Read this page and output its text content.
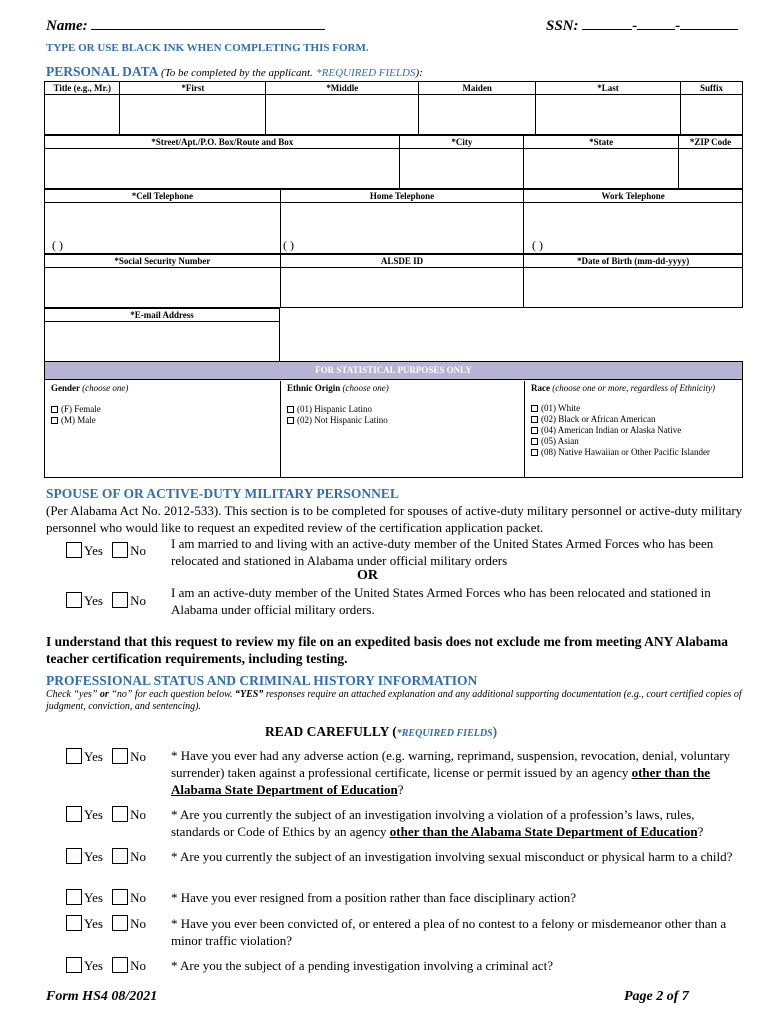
Name:	SSN:	-	-
TYPE OR USE BLACK INK WHEN COMPLETING THIS FORM.
PERSONAL DATA (To be completed by the applicant. *REQUIRED FIELDS):
Title (e.g., Mr.)	*First	*Middle	Maiden	*Last	Suffix

*Street/Apt./P.O. Box/Route and Box	*City	*State	*ZIP Code

*Cell Telephone	Home Telephone	Work Telephone

( )	( )	( )
*Social Security Number	ALSDE ID	*Date of Birth (mm-dd-yyyy)

*E-mail Address

FOR STATISTICAL PURPOSES ONLY
Gender (choose one)
(F) Female
(M) Male
Ethnic Origin (choose one)
(01) Hispanic Latino
(02) Not Hispanic Latino
Race (choose one or more, regardless of Ethnicity)
(01) White
(02) Black or African American
(04) American Indian or Alaska Native
(05) Asian
(08) Native Hawaiian or Other Pacific Islander
SPOUSE OF OR ACTIVE-DUTY MILITARY PERSONNEL
(Per Alabama Act No. 2012-533). This section is to be completed for spouses of active-duty military personnel or active-duty military personnel who would like to request an expedited review of the certification application packet.
Yes No I am married to and living with an active-duty member of the United States Armed Forces who has been relocated and stationed in Alabama under official military orders
OR
Yes No
I am an active-duty member of the United States Armed Forces who has been relocated and stationed in Alabama under official military orders.
I understand that this request to review my file on an expedited basis does not exclude me from meeting ANY Alabama teacher certification requirements, including testing.
PROFESSIONAL STATUS AND CRIMINAL HISTORY INFORMATION
Check “yes” or “no” for each question below. “YES” responses require an attached explanation and any additional supporting documentation (e.g., court certified copies of judgment, conviction, and sentencing).
READ CAREFULLY (*REQUIRED FIELDS)
Yes No * Have you ever had any adverse action (e.g. warning, reprimand, suspension, revocation, denial, voluntary surrender) taken against a professional certificate, license or permit issued by an agency other than the Alabama State Department of Education?
Yes No * Are you currently the subject of an investigation involving a violation of a profession’s laws, rules, standards or Code of Ethics by an agency other than the Alabama State Department of Education?
Yes No * Are you currently the subject of an investigation involving sexual misconduct or physical harm to a child?
Yes No * Have you ever resigned from a position rather than face disciplinary action?
Yes No * Have you ever been convicted of, or entered a plea of no contest to a felony or misdemeanor other than a minor traffic violation?
Yes No * Are you the subject of a pending investigation involving a criminal act?
Form HS4 08/2021	Page 2 of 7
